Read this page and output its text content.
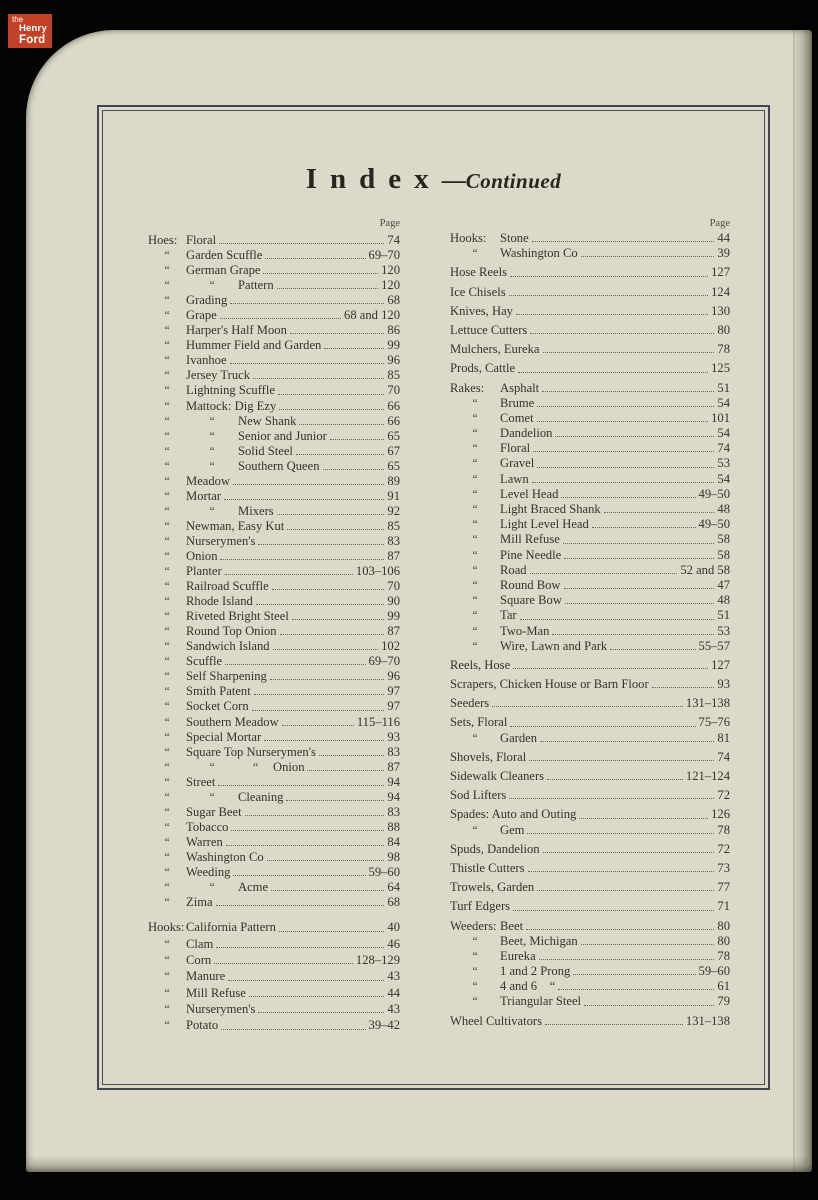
the
Henry
Ford
Index—Continued
Page	Page
Hoes: Floral	74
“	Garden Scuffle	69–70
“	German Grape	120
“	“	Pattern	120
“	Grading	68
“	Grape	68 and 120
“	Harper's Half Moon	86
“	Hummer Field and Garden	99
“	Ivanhoe	96
“	Jersey Truck	85
“	Lightning Scuffle	70
“	Mattock: Dig Ezy	66
“	“	New Shank	66
“	“	Senior and Junior	65
“	“	Solid Steel	67
“	“	Southern Queen	65
“	Meadow	89
“	Mortar	91
“	“	Mixers	92
“	Newman, Easy Kut	85
“	Nurserymen's	83
“	Onion	87
“	Planter	103–106
“	Railroad Scuffle	70
“	Rhode Island	90
“	Riveted Bright Steel	99
“	Round Top Onion	87
“	Sandwich Island	102
“	Scuffle	69–70
“	Self Sharpening	96
“	Smith Patent	97
“	Socket Corn	97
“	Southern Meadow	115–116
“	Special Mortar	93
“	Square Top Nurserymen's	83
“	“	“	Onion	87
“	Street	94
“	“	Cleaning	94
“	Sugar Beet	83
“	Tobacco	88
“	Warren	84
“	Washington Co	98
“	Weeding	59–60
“	“	Acme	64
“	Zima	68
Hooks: California Pattern	40
“	Clam	46
“	Corn	128–129
“	Manure	43
“	Mill Refuse	44
“	Nurserymen's	43
“	Potato	39–42
Hooks:	Stone	44
“	Washington Co	39
Hose Reels	127
Ice Chisels	124
Knives, Hay	130
Lettuce Cutters	80
Mulchers, Eureka	78
Prods, Cattle	125
Rakes:	Asphalt	51
“	Brume	54
“	Comet	101
“	Dandelion	54
“	Floral	74
“	Gravel	53
“	Lawn	54
“	Level Head	49–50
“	Light Braced Shank	48
“	Light Level Head	49–50
“	Mill Refuse	58
“	Pine Needle	58
“	Road	52 and 58
“	Round Bow	47
“	Square Bow	48
“	Tar	51
“	Two-Man	53
“	Wire, Lawn and Park	55–57
Reels, Hose	127
Scrapers, Chicken House or Barn Floor	93
Seeders	131–138
Sets, Floral	75–76
“	Garden	81
Shovels, Floral	74
Sidewalk Cleaners	121–124
Sod Lifters	72
Spades: Auto and Outing	126
“	Gem	78
Spuds, Dandelion	72
Thistle Cutters	73
Trowels, Garden	77
Turf Edgers	71
Weeders: Beet	80
“	Beet, Michigan	80
“	Eureka	78
“	1 and 2 Prong	59–60
“	4 and 6  “	61
“	Triangular Steel	79
Wheel Cultivators	131–138
